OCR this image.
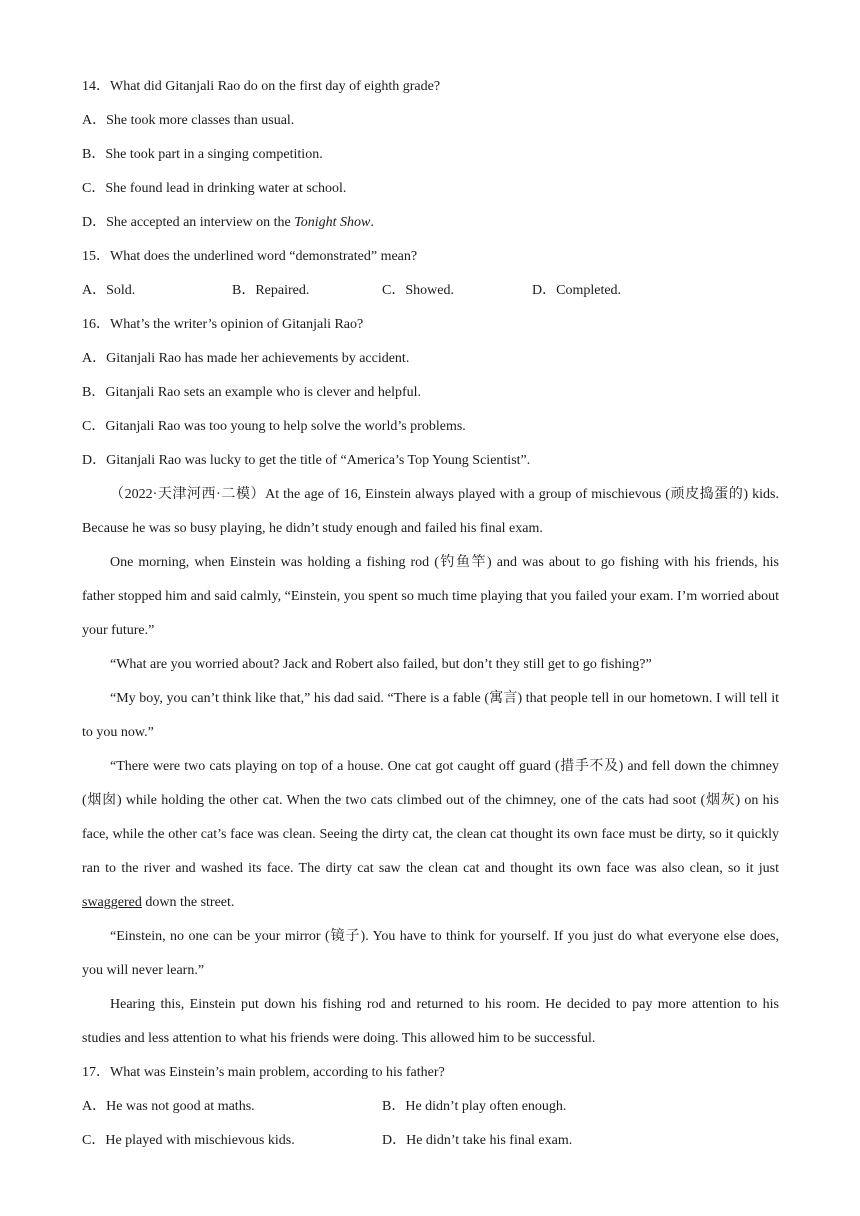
14．What did Gitanjali Rao do on the first day of eighth grade?
A．She took more classes than usual.
B．She took part in a singing competition.
C．She found lead in drinking water at school.
D．She accepted an interview on the Tonight Show.
15．What does the underlined word “demonstrated” mean?
A．Sold.	B．Repaired.	C．Showed.	D．Completed.
16．What’s the writer’s opinion of Gitanjali Rao?
A．Gitanjali Rao has made her achievements by accident.
B．Gitanjali Rao sets an example who is clever and helpful.
C．Gitanjali Rao was too young to help solve the world’s problems.
D．Gitanjali Rao was lucky to get the title of “America’s Top Young Scientist”.

（2022·天津河西·二模）At the age of 16, Einstein always played with a group of mischievous (顽皮捣蛋的) kids. Because he was so busy playing, he didn’t study enough and failed his final exam.

One morning, when Einstein was holding a fishing rod (钓鱼竿) and was about to go fishing with his friends, his father stopped him and said calmly, “Einstein, you spent so much time playing that you failed your exam. I’m worried about your future.”

“What are you worried about? Jack and Robert also failed, but don’t they still get to go fishing?”

“My boy, you can’t think like that,” his dad said. “There is a fable (寓言) that people tell in our hometown. I will tell it to you now.”

“There were two cats playing on top of a house. One cat got caught off guard (措手不及) and fell down the chimney (烟囱) while holding the other cat. When the two cats climbed out of the chimney, one of the cats had soot (烟灰) on his face, while the other cat’s face was clean. Seeing the dirty cat, the clean cat thought its own face must be dirty, so it quickly ran to the river and washed its face. The dirty cat saw the clean cat and thought its own face was also clean, so it just swaggered down the street.

“Einstein, no one can be your mirror (镜子). You have to think for yourself. If you just do what everyone else does, you will never learn.”

Hearing this, Einstein put down his fishing rod and returned to his room. He decided to pay more attention to his studies and less attention to what his friends were doing. This allowed him to be successful.

17．What was Einstein’s main problem, according to his father?
A．He was not good at maths.	B．He didn’t play often enough.
C．He played with mischievous kids.	D．He didn’t take his final exam.
